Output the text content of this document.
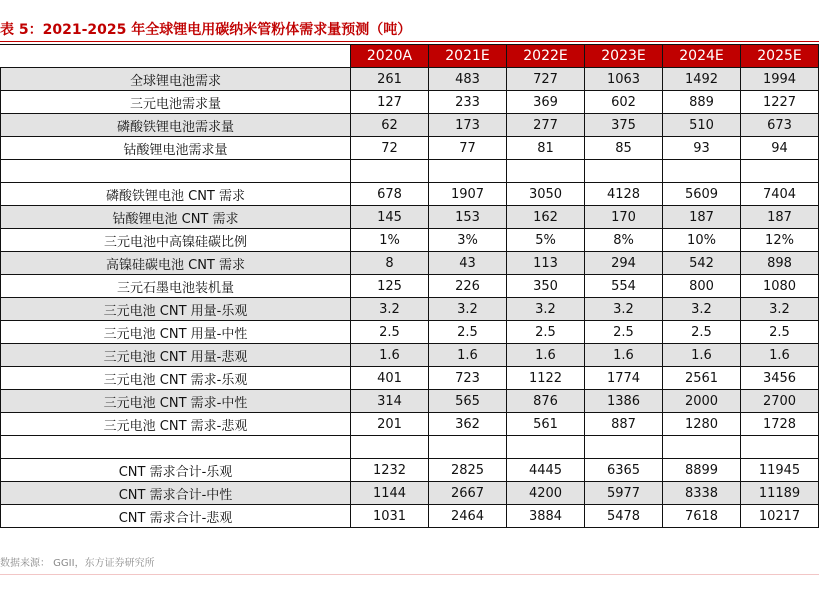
表 5：2021-2025 年全球锂电用碳纳米管粉体需求量预测（吨）
	2020A	2021E	2022E	2023E	2024E	2025E
全球锂电池需求	261	483	727	1063	1492	1994
三元电池需求量	127	233	369	602	889	1227
磷酸铁锂电池需求量	62	173	277	375	510	673
钴酸锂电池需求量	72	77	81	85	93	94

磷酸铁锂电池 CNT 需求	678	1907	3050	4128	5609	7404
钴酸锂电池 CNT 需求	145	153	162	170	187	187
三元电池中高镍硅碳比例	1%	3%	5%	8%	10%	12%
高镍硅碳电池 CNT 需求	8	43	113	294	542	898
三元石墨电池装机量	125	226	350	554	800	1080
三元电池 CNT 用量-乐观	3.2	3.2	3.2	3.2	3.2	3.2
三元电池 CNT 用量-中性	2.5	2.5	2.5	2.5	2.5	2.5
三元电池 CNT 用量-悲观	1.6	1.6	1.6	1.6	1.6	1.6
三元电池 CNT 需求-乐观	401	723	1122	1774	2561	3456
三元电池 CNT 需求-中性	314	565	876	1386	2000	2700
三元电池 CNT 需求-悲观	201	362	561	887	1280	1728

CNT 需求合计-乐观	1232	2825	4445	6365	8899	11945
CNT 需求合计-中性	1144	2667	4200	5977	8338	11189
CNT 需求合计-悲观	1031	2464	3884	5478	7618	10217
数据来源： GGII，东方证券研究所
